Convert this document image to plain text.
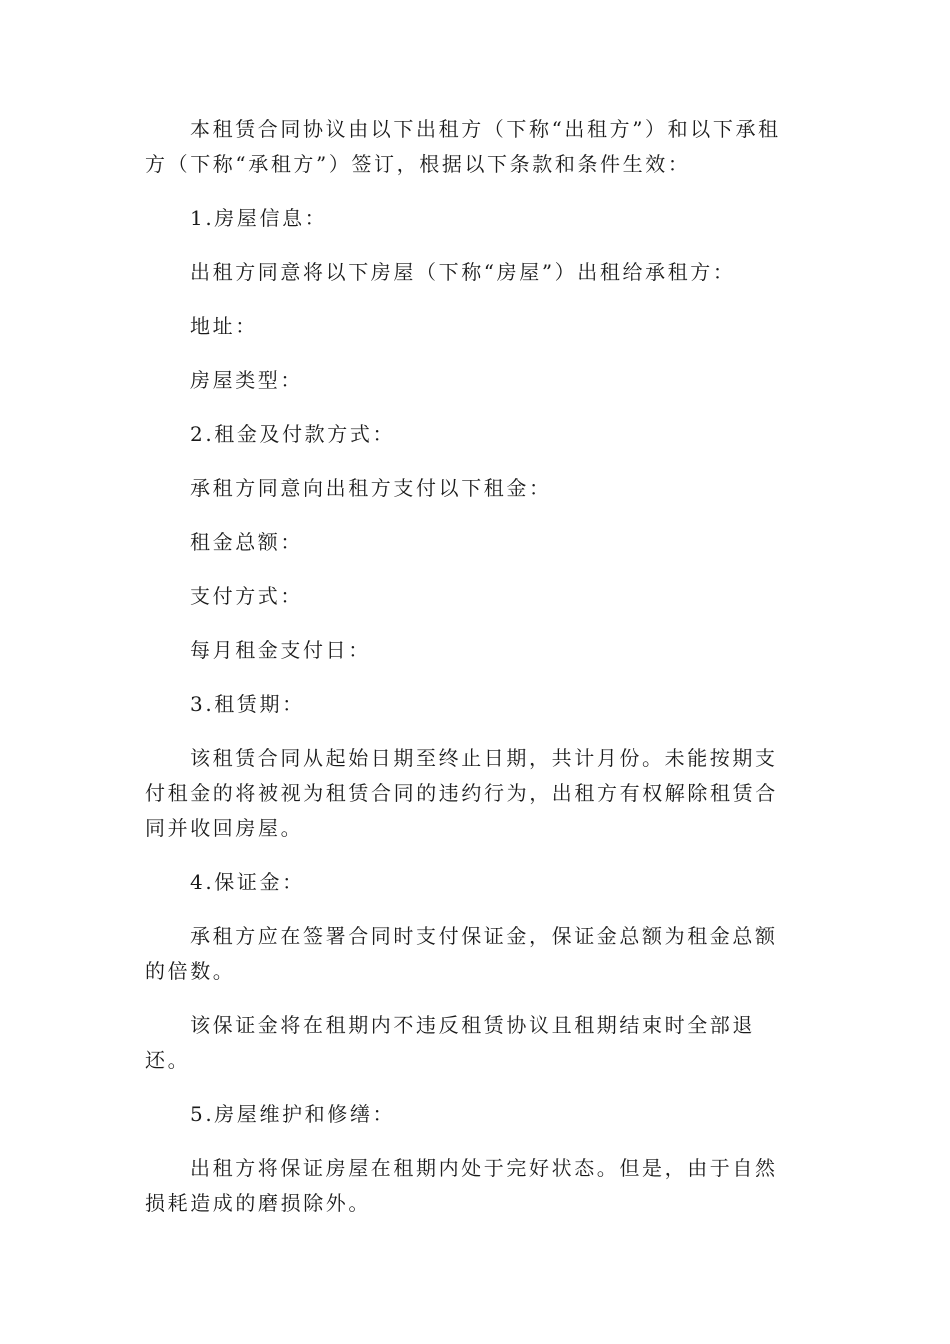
本租赁合同协议由以下出租方（下称“出租方”）和以下承租方（下称“承租方”）签订，根据以下条款和条件生效：

1.房屋信息：

出租方同意将以下房屋（下称“房屋”）出租给承租方：

地址：

房屋类型：

2.租金及付款方式：

承租方同意向出租方支付以下租金：

租金总额：

支付方式：

每月租金支付日：

3.租赁期：

该租赁合同从起始日期至终止日期，共计月份。未能按期支付租金的将被视为租赁合同的违约行为，出租方有权解除租赁合同并收回房屋。

4.保证金：

承租方应在签署合同时支付保证金，保证金总额为租金总额的倍数。

该保证金将在租期内不违反租赁协议且租期结束时全部退还。

5.房屋维护和修缮：

出租方将保证房屋在租期内处于完好状态。但是，由于自然损耗造成的磨损除外。
